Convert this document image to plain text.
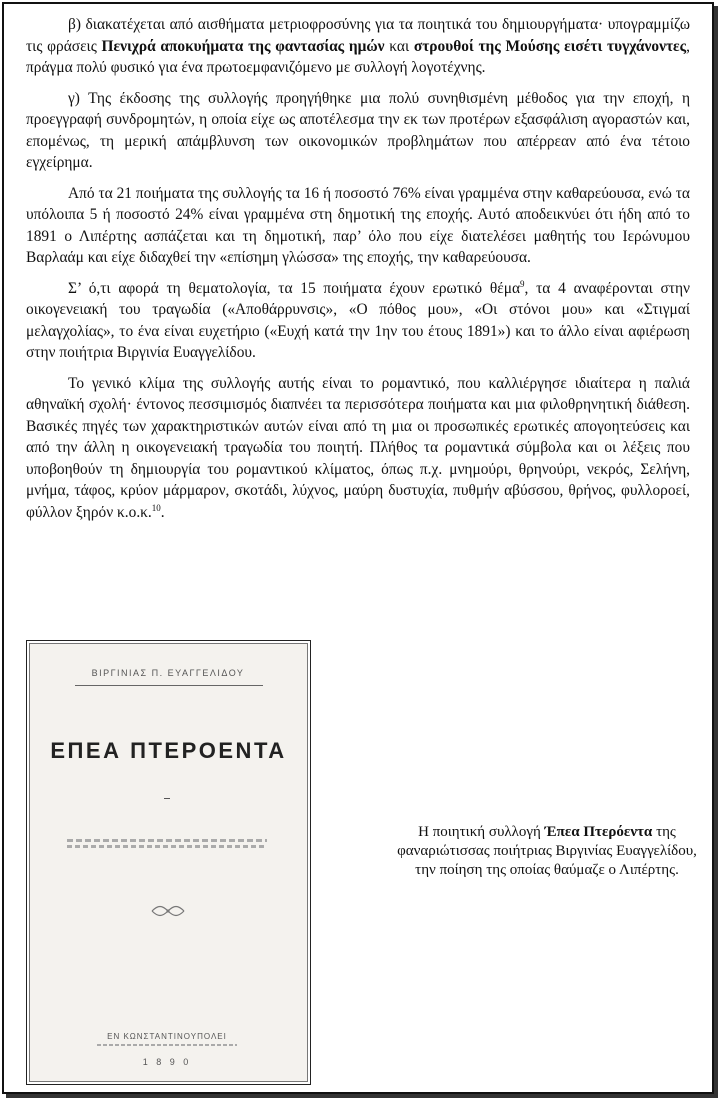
β) διακατέχεται από αισθήματα μετριοφροσύνης για τα ποιητικά του δημιουργήματα· υπογραμμίζω τις φράσεις Πενιχρά αποκυήματα της φαντασίας ημών και στρουθοί της Μούσης εισέτι τυγχάνοντες, πράγμα πολύ φυσικό για ένα πρωτοεμφανιζόμενο με συλλογή λογοτέχνης.

γ) Της έκδοσης της συλλογής προηγήθηκε μια πολύ συνηθισμένη μέθοδος για την εποχή, η προεγγραφή συνδρομητών, η οποία είχε ως αποτέλεσμα την εκ των προτέρων εξασφάλιση αγοραστών και, επομένως, τη μερική απάμβλυνση των οικονομικών προβλημάτων που απέρρεαν από ένα τέτοιο εγχείρημα.

Από τα 21 ποιήματα της συλλογής τα 16 ή ποσοστό 76% είναι γραμμένα στην καθαρεύουσα, ενώ τα υπόλοιπα 5 ή ποσοστό 24% είναι γραμμένα στη δημοτική της εποχής. Αυτό αποδεικνύει ότι ήδη από το 1891 ο Λιπέρτης ασπάζεται και τη δημοτική, παρ’ όλο που είχε διατελέσει μαθητής του Ιερώνυμου Βαρλαάμ και είχε διδαχθεί την «επίσημη γλώσσα» της εποχής, την καθαρεύουσα.

Σ’ ό,τι αφορά τη θεματολογία, τα 15 ποιήματα έχουν ερωτικό θέμα$^9$, τα 4 αναφέρονται στην οικογενειακή του τραγωδία («Αποθάρρυνσις», «Ο πόθος μου», «Οι στόνοι μου» και «Στιγμαί μελαγχολίας», το ένα είναι ευχετήριο («Ευχή κατά την 1ην του έτους 1891») και το άλλο είναι αφιέρωση στην ποιήτρια Βιργινία Ευαγγελίδου.

Το γενικό κλίμα της συλλογής αυτής είναι το ρομαντικό, που καλλιέργησε ιδιαίτερα η παλιά αθηναϊκή σχολή· έντονος πεσσιμισμός διαπνέει τα περισσότερα ποιήματα και μια φιλοθρηνητική διάθεση. Βασικές πηγές των χαρακτηριστικών αυτών είναι από τη μια οι προσωπικές ερωτικές απογοητεύσεις και από την άλλη η οικογενειακή τραγωδία του ποιητή. Πλήθος τα ρομαντικά σύμβολα και οι λέξεις που υποβοηθούν τη δημιουργία του ρομαντικού κλίματος, όπως π.χ. μνημούρι, θρηνούρι, νεκρός, Σελήνη, μνήμα, τάφος, κρύον μάρμαρον, σκοτάδι, λύχνος, μαύρη δυστυχία, πυθμήν αβύσσου, θρήνος, φυλλοροεί, φύλλον ξηρόν κ.ο.κ.$^{10}$.

ΒΙΡΓΙΝΙΑΣ Π. ΕΥΑΓΓΕΛΙΔΟΥ
ΕΠΕΑ ΠΤΕΡΟΕΝΤΑ
ΕΝ ΚΩΝΣΤΑΝΤΙΝΟΥΠΟΛΕΙ
1 8 9 0
Η ποιητική συλλογή Έπεα Πτερόεντα της φαναριώτισσας ποιήτριας Βιργινίας Ευαγγελίδου, την ποίηση της οποίας θαύμαζε ο Λιπέρτης.
